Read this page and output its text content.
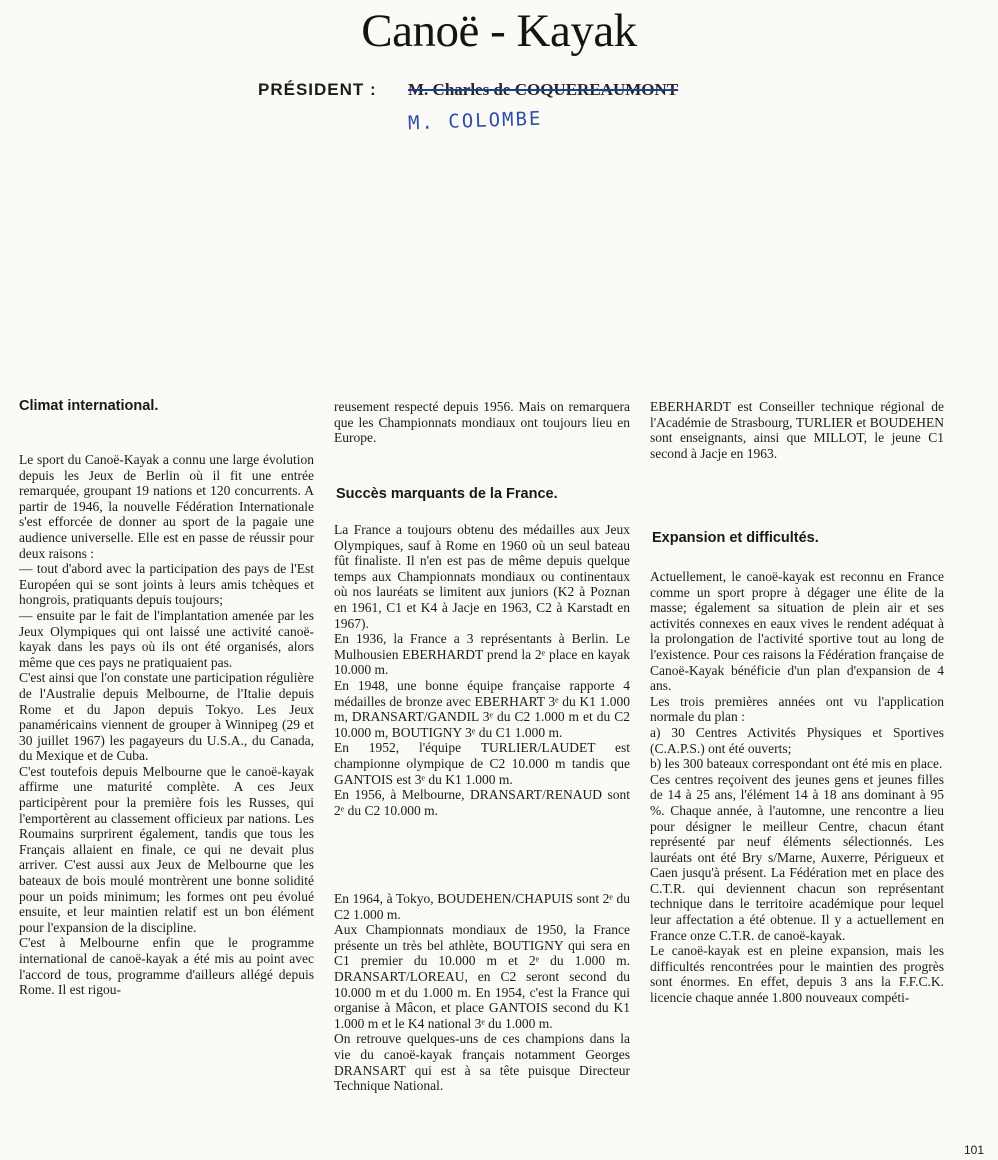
Canoë - Kayak
PRÉSIDENT : M. Charles de COQUEREAUMONT
M. COLOMBE
Climat international.
Succès marquants de la France.
Expansion et difficultés.

Le sport du Canoë-Kayak a connu une large évolution depuis les Jeux de Berlin où il fit une entrée remarquée, groupant 19 nations et 120 concurrents. A partir de 1946, la nouvelle Fédération Internationale s'est efforcée de donner au sport de la pagaie une audience universelle. Elle est en passe de réussir pour deux raisons :

— tout d'abord avec la participation des pays de l'Est Européen qui se sont joints à leurs amis tchèques et hongrois, pratiquants depuis toujours;

— ensuite par le fait de l'implantation amenée par les Jeux Olympiques qui ont laissé une activité canoë-kayak dans les pays où ils ont été organisés, alors même que ces pays ne pratiquaient pas.

C'est ainsi que l'on constate une participation régulière de l'Australie depuis Melbourne, de l'Italie depuis Rome et du Japon depuis Tokyo. Les Jeux panaméricains viennent de grouper à Winnipeg (29 et 30 juillet 1967) les pagayeurs du U.S.A., du Canada, du Mexique et de Cuba.

C'est toutefois depuis Melbourne que le canoë-kayak affirme une maturité complète. A ces Jeux participèrent pour la première fois les Russes, qui l'emportèrent au classement officieux par nations. Les Roumains surprirent également, tandis que tous les Français allaient en finale, ce qui ne devait plus arriver. C'est aussi aux Jeux de Melbourne que les bateaux de bois moulé montrèrent une bonne solidité pour un poids minimum; les formes ont peu évolué ensuite, et leur maintien relatif est un bon élément pour l'expansion de la discipline.

C'est à Melbourne enfin que le programme international de canoë-kayak a été mis au point avec l'accord de tous, programme d'ailleurs allégé depuis Rome. Il est rigou-

reusement respecté depuis 1956. Mais on remarquera que les Championnats mondiaux ont toujours lieu en Europe.

La France a toujours obtenu des médailles aux Jeux Olympiques, sauf à Rome en 1960 où un seul bateau fût finaliste. Il n'en est pas de même depuis quelque temps aux Championnats mondiaux ou continentaux où nos lauréats se limitent aux juniors (K2 à Poznan en 1961, C1 et K4 à Jacje en 1963, C2 à Karstadt en 1967).

En 1936, la France a 3 représentants à Berlin. Le Mulhousien EBERHARDT prend la 2ᵉ place en kayak 10.000 m.

En 1948, une bonne équipe française rapporte 4 médailles de bronze avec EBERHART 3ᵉ du K1 1.000 m, DRANSART/GANDIL 3ᵉ du C2 1.000 m et du C2 10.000 m, BOUTIGNY 3ᵉ du C1 1.000 m.

En 1952, l'équipe TURLIER/LAUDET est championne olympique de C2 10.000 m tandis que GANTOIS est 3ᵉ du K1 1.000 m.

En 1956, à Melbourne, DRANSART/RENAUD sont 2ᵉ du C2 10.000 m.

En 1964, à Tokyo, BOUDEHEN/CHAPUIS sont 2ᵉ du C2 1.000 m.

Aux Championnats mondiaux de 1950, la France présente un très bel athlète, BOUTIGNY qui sera en C1 premier du 10.000 m et 2ᵉ du 1.000 m. DRANSART/LOREAU, en C2 seront second du 10.000 m et du 1.000 m. En 1954, c'est la France qui organise à Mâcon, et place GANTOIS second du K1 1.000 m et le K4 national 3ᵉ du 1.000 m.

On retrouve quelques-uns de ces champions dans la vie du canoë-kayak français notamment Georges DRANSART qui est à sa tête puisque Directeur Technique National.

EBERHARDT est Conseiller technique régional de l'Académie de Strasbourg, TURLIER et BOUDEHEN sont enseignants, ainsi que MILLOT, le jeune C1 second à Jacje en 1963.

Actuellement, le canoë-kayak est reconnu en France comme un sport propre à dégager une élite de la masse; également sa situation de plein air et ses activités connexes en eaux vives le rendent adéquat à la prolongation de l'activité sportive tout au long de l'existence. Pour ces raisons la Fédération française de Canoë-Kayak bénéficie d'un plan d'expansion de 4 ans.

Les trois premières années ont vu l'application normale du plan :

a) 30 Centres Activités Physiques et Sportives (C.A.P.S.) ont été ouverts;

b) les 300 bateaux correspondant ont été mis en place.

Ces centres reçoivent des jeunes gens et jeunes filles de 14 à 25 ans, l'élément 14 à 18 ans dominant à 95 %. Chaque année, à l'automne, une rencontre a lieu pour désigner le meilleur Centre, chacun étant représenté par neuf éléments sélectionnés. Les lauréats ont été Bry s/Marne, Auxerre, Périgueux et Caen jusqu'à présent. La Fédération met en place des C.T.R. qui deviennent chacun son représentant technique dans le territoire académique pour lequel leur affectation a été obtenue. Il y a actuellement en France onze C.T.R. de canoë-kayak.

Le canoë-kayak est en pleine expansion, mais les difficultés rencontrées pour le maintien des progrès sont énormes. En effet, depuis 3 ans la F.F.C.K. licencie chaque année 1.800 nouveaux compéti-

101
